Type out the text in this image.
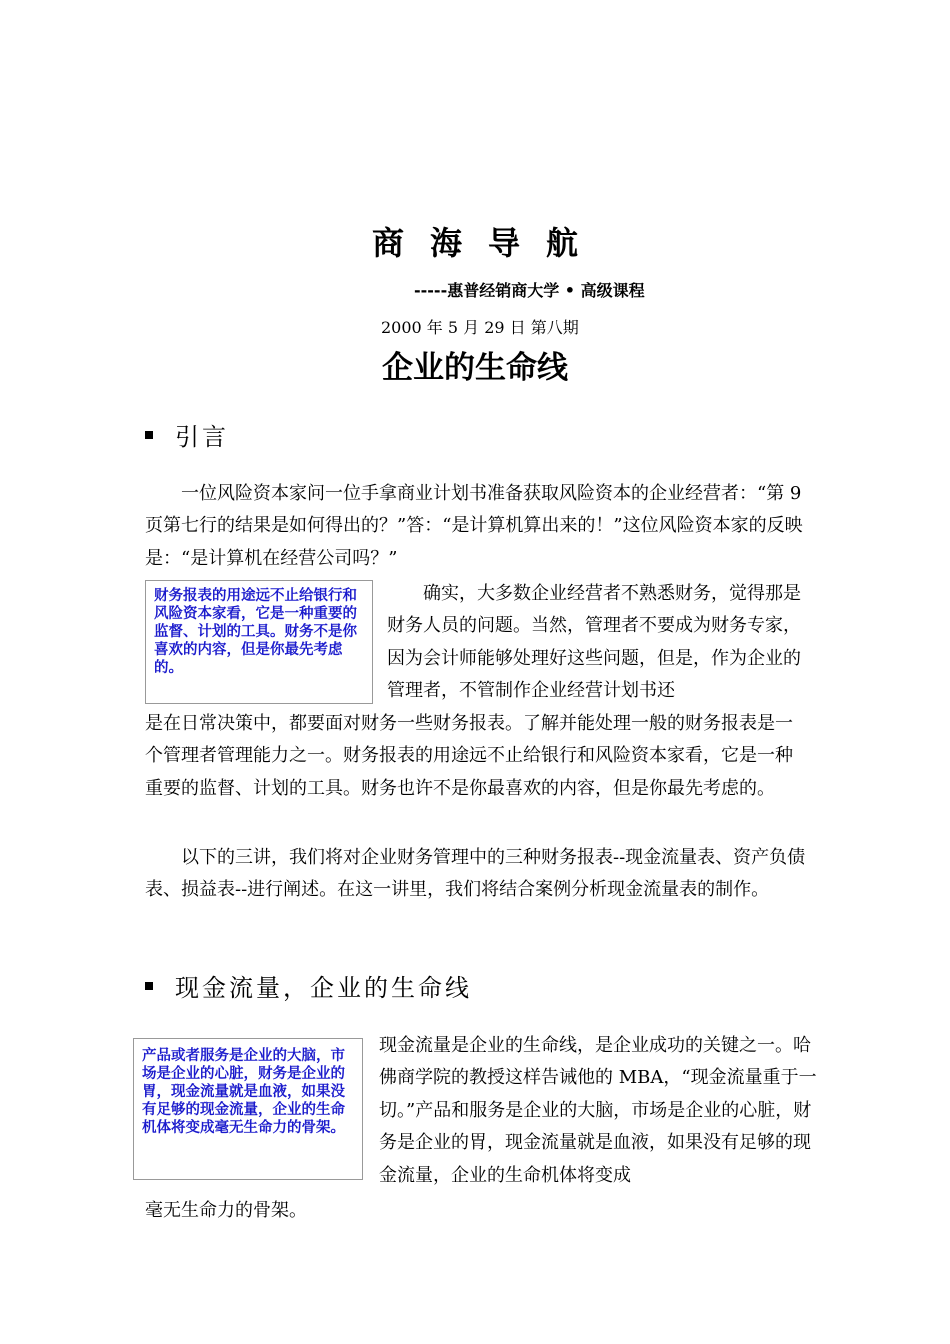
商海导航
-----惠普经销商大学 • 高级课程
2000 年 5 月 29 日 第八期
企业的生命线
引言
一位风险资本家问一位手拿商业计划书准备获取风险资本的企业经营者：“第 9 页第七行的结果是如何得出的？”答：“是计算机算出来的！”这位风险资本家的反映是：“是计算机在经营公司吗？”
财务报表的用途远不止给银行和风险资本家看，它是一种重要的监督、计划的工具。财务不是你喜欢的内容，但是你最先考虑的。
确实，大多数企业经营者不熟悉财务，觉得那是财务人员的问题。当然，管理者不要成为财务专家，因为会计师能够处理好这些问题，但是，作为企业的管理者，不管制作企业经营计划书还
是在日常决策中，都要面对财务一些财务报表。了解并能处理一般的财务报表是一个管理者管理能力之一。财务报表的用途远不止给银行和风险资本家看，它是一种重要的监督、计划的工具。财务也许不是你最喜欢的内容，但是你最先考虑的。
以下的三讲，我们将对企业财务管理中的三种财务报表--现金流量表、资产负债表、损益表--进行阐述。在这一讲里，我们将结合案例分析现金流量表的制作。
现金流量，企业的生命线
产品或者服务是企业的大脑，市场是企业的心脏，财务是企业的胃，现金流量就是血液，如果没有足够的现金流量，企业的生命机体将变成毫无生命力的骨架。
现金流量是企业的生命线，是企业成功的关键之一。哈佛商学院的教授这样告诫他的 MBA，“现金流量重于一切。”产品和服务是企业的大脑，市场是企业的心脏，财务是企业的胃，现金流量就是血液，如果没有足够的现金流量，企业的生命机体将变成
毫无生命力的骨架。
